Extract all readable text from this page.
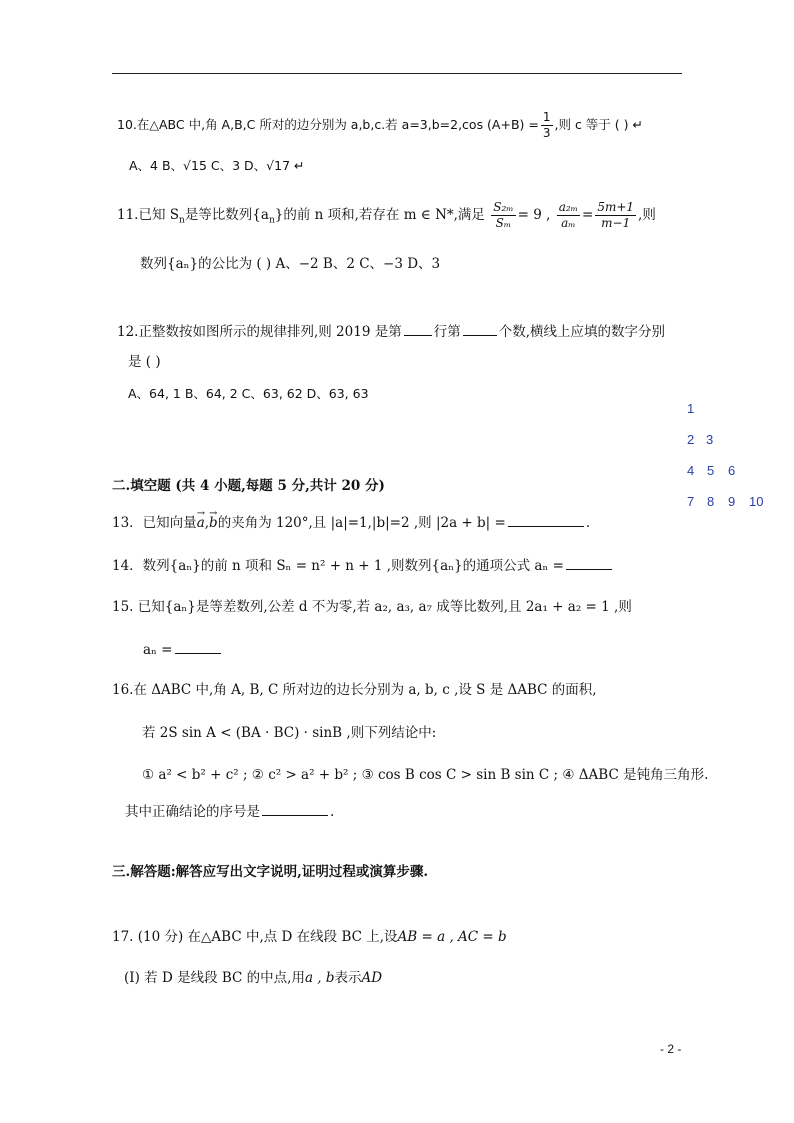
10.在△ABC 中,角 A,B,C 所对的边分别为 a,b,c.若 a=3,b=2,cos $(A+B) = \frac{1}{3}$ ,则 c 等于 ( ) ↵
A、4 B、√15 C、3 D、√17 ↵
11.已知 $S_n$是等比数列$\{a_n\}$的前 n 项和,若存在 m ∈ N*,满足 $\frac{\text{S₂ₘ}}{\text{Sₘ}} = 9$ , $\frac{\text{a₂ₘ}}{\text{aₘ}} = \frac{5m+1}{m-1}$ ,则
数列{aₙ}的公比为 ( ) A、−2 B、2 C、−3 D、3
12.正整数按如图所示的规律排列,则 2019 是第 行第	个数,横线上应填的数字分别
是 ( )
A、64, 1 B、64, 2 C、63, 62 D、63, 63
1
2 3
4 5 6
7 8 9 10
二.填空题 (共 4 小题,每题 5 分,共计 20 分)
13．已知向量→ a,→ b的夹角为 120°,且 |a|=1,|b|=2 ,则 |2a + b| =	.
14．数列{aₙ}的前 n 项和 Sₙ = n² + n + 1 ,则数列{aₙ}的通项公式 aₙ =
15. 已知{aₙ}是等差数列,公差 d 不为零,若 a₂, a₃, a₇ 成等比数列,且 2a₁ + a₂ = 1 ,则
aₙ =
16.在 ΔABC 中,角 A, B, C 所对边的边长分别为 a, b, c ,设 S 是 ΔABC 的面积,
若 2S sin A < (BA · BC) · sinB ,则下列结论中:
① a² < b² + c² ; ② c² > a² + b² ; ③ cos B cos C > sin B sin C ; ④ ΔABC 是钝角三角形.
其中正确结论的序号是	.
三.解答题:解答应写出文字说明,证明过程或演算步骤.
17. (10 分) 在△ABC 中,点 D 在线段 BC 上,设AB = a , AC = b
(Ⅰ) 若 D 是线段 BC 的中点,用a , b表示AD
- 2 -
